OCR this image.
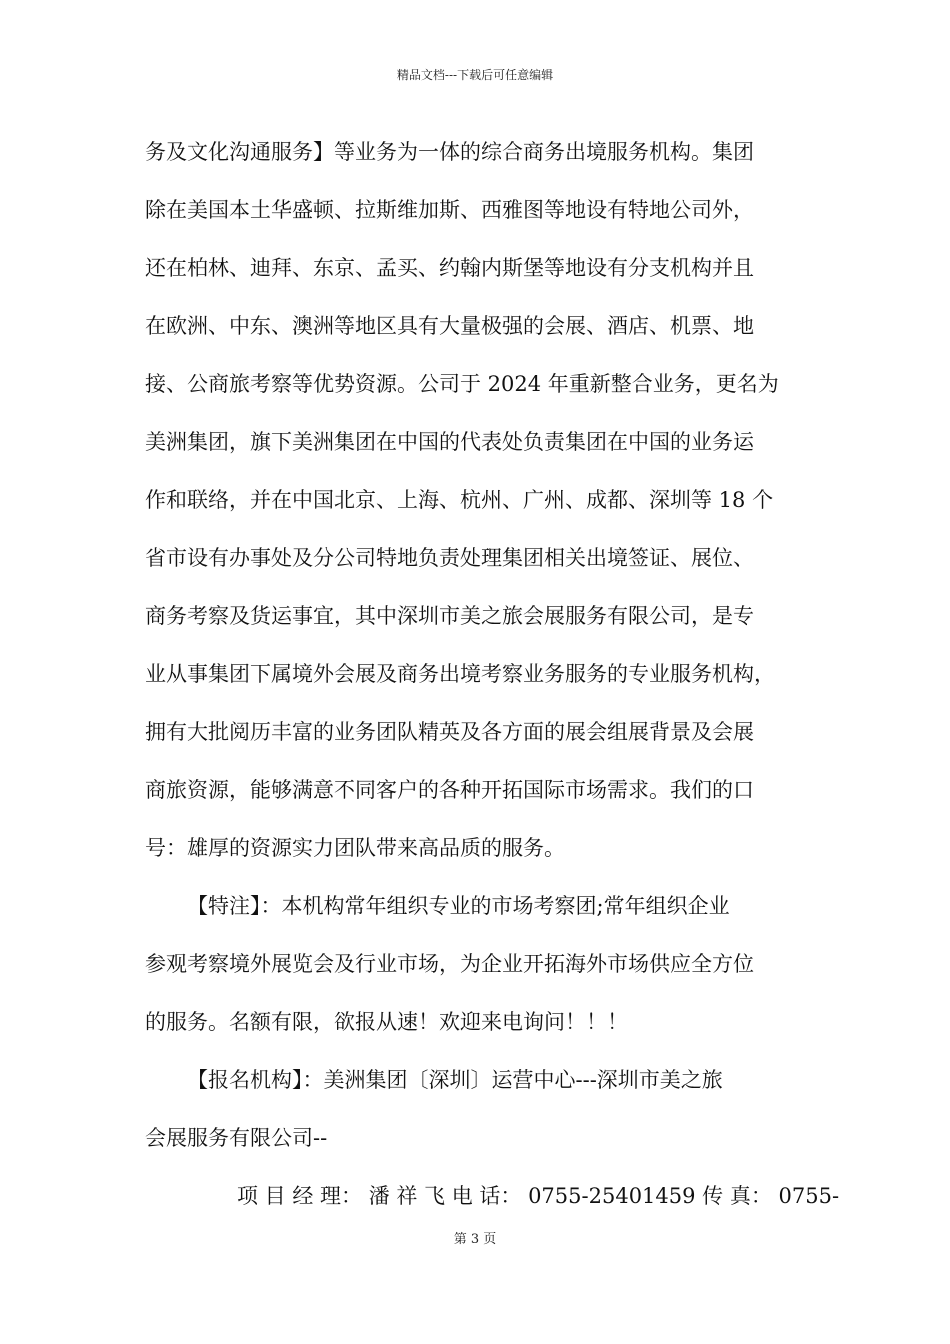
精品文档---下载后可任意编辑
务及文化沟通服务】等业务为一体的综合商务出境服务机构。集团
除在美国本土华盛顿、拉斯维加斯、西雅图等地设有特地公司外，
还在柏林、迪拜、东京、孟买、约翰内斯堡等地设有分支机构并且
在欧洲、中东、澳洲等地区具有大量极强的会展、酒店、机票、地
接、公商旅考察等优势资源。公司于 2024 年重新整合业务，更名为
美洲集团，旗下美洲集团在中国的代表处负责集团在中国的业务运
作和联络，并在中国北京、上海、杭州、广州、成都、深圳等 18 个
省市设有办事处及分公司特地负责处理集团相关出境签证、展位、
商务考察及货运事宜，其中深圳市美之旅会展服务有限公司，是专
业从事集团下属境外会展及商务出境考察业务服务的专业服务机构，
拥有大批阅历丰富的业务团队精英及各方面的展会组展背景及会展
商旅资源，能够满意不同客户的各种开拓国际市场需求。我们的口
号：雄厚的资源实力团队带来高品质的服务。
【特注】：本机构常年组织专业的市场考察团;常年组织企业
参观考察境外展览会及行业市场，为企业开拓海外市场供应全方位
的服务。名额有限，欲报从速！欢迎来电询问！！！
【报名机构】：美洲集团〔深圳〕运营中心---深圳市美之旅
会展服务有限公司--
项 目 经 理： 潘 祥 飞 电 话： 0755-25401459 传 真： 0755-
第 3 页
